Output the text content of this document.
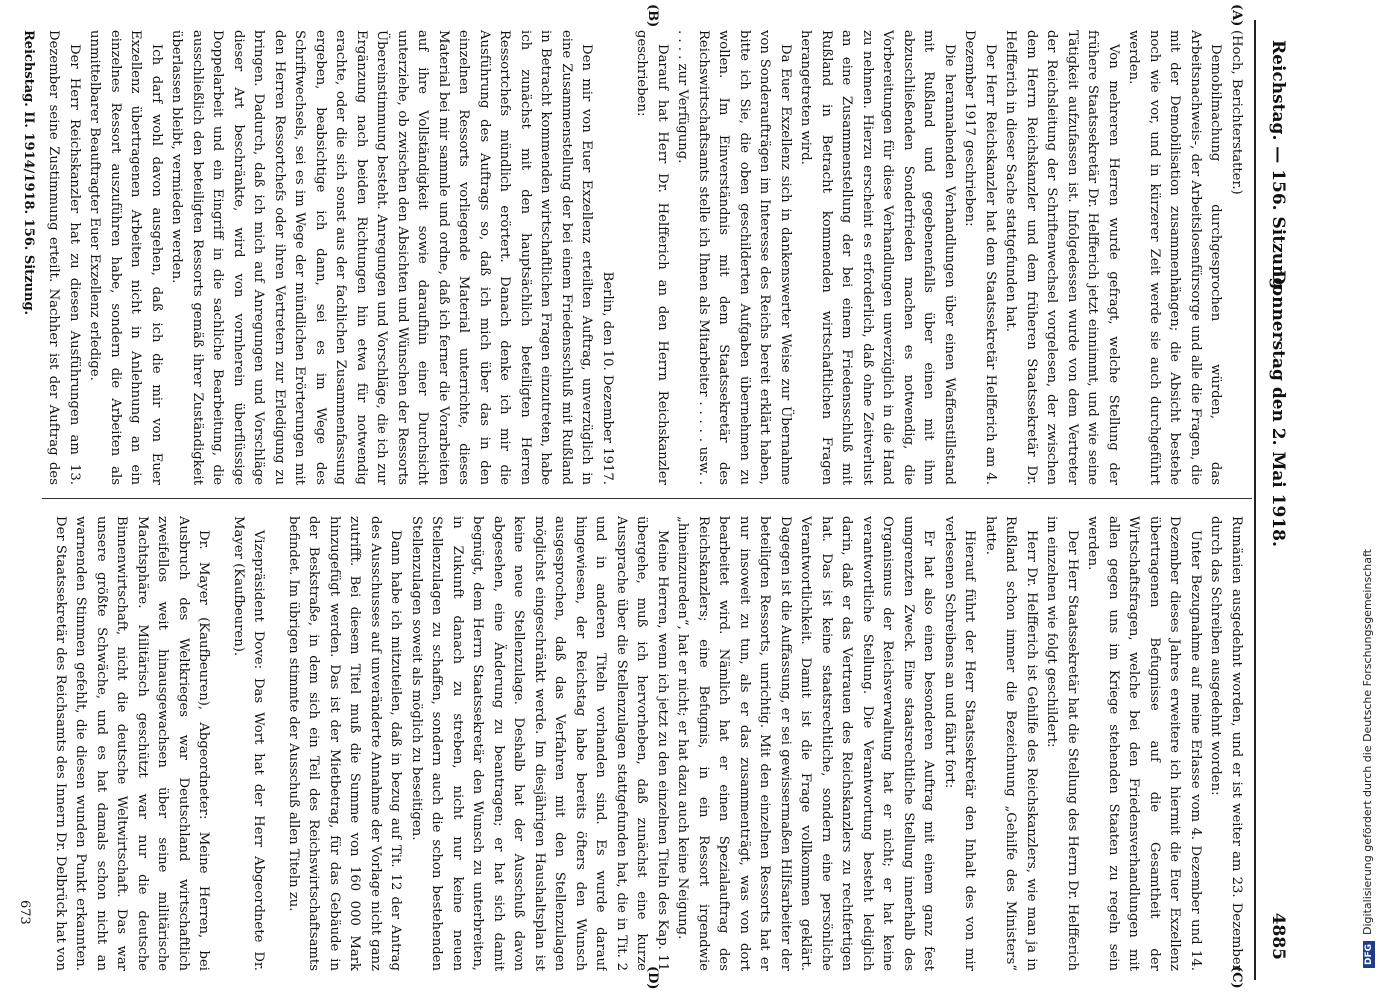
Reichstag. — 156. Sitzung.
Donnerstag den 2. Mai 1918.
4885
(A)
(B)
(C)
(D)

(Hoch, Berichterstatter.)

Demobilmachung durchgesprochen würden, das Arbeitsnachweis-, der Arbeitslosenfürsorge und alle die Fragen, die mit der Demobilisation zusammenhängen; die Absicht bestehe noch wie vor, und in kürzerer Zeit werde sie auch durchgeführt werden.

Von mehreren Herren wurde gefragt, welche Stellung der frühere Staatssekretär Dr. Helfferich jetzt einnimmt, und wie seine Tätigkeit aufzufassen ist. Infolgedessen wurde von dem Vertreter der Reichsleitung der Schriftenwechsel vorgelesen, der zwischen dem Herrn Reichskanzler und dem früheren Staatssekretär Dr. Helfferich in dieser Sache stattgefunden hat.

Der Herr Reichskanzler hat dem Staatssekretär Helfferich am 4. Dezember 1917 geschrieben:

Die herannahenden Verhandlungen über einen Waffenstillstand mit Rußland und gegebenenfalls über einen mit ihm abzuschließenden Sonderfrieden machen es notwendig, die Vorbereitungen für diese Verhandlungen unverzüglich in die Hand zu nehmen. Hierzu erscheint es erforderlich, daß ohne Zeitverlust an eine Zusammenstellung der bei einem Friedensschluß mit Rußland in Betracht kommenden wirtschaftlichen Fragen herangetreten wird.

Da Euer Exzellenz sich in dankenswerter Weise zur Übernahme von Sonderaufträgen im Interesse des Reichs bereit erklärt haben, bitte ich Sie, die oben geschilderten Aufgaben übernehmen zu wollen. Im Einverständnis mit dem Staatssekretär des Reichswirtschaftsamts stelle ich Ihnen als Mitarbeiter . . . . . usw. . . . . . zur Verfügung.

Darauf hat Herr Dr. Helfferich an den Herrn Reichskanzler geschrieben:

Berlin, den 10. Dezember 1917.

Den mir von Euer Exzellenz erteilten Auftrag, unverzüglich in eine Zusammenstellung der bei einem Friedensschluß mit Rußland in Betracht kommenden wirtschaftlichen Fragen einzutreten, habe ich zunächst mit den hauptsächlich beteiligten Herren Ressortchefs mündlich erörtert. Danach denke ich mir die Ausführung des Auftrags so, daß ich mich über das in den einzelnen Ressorts vorliegende Material unterrichte, dieses Material bei mir sammle und ordne, daß ich ferner die Vorarbeiten auf ihre Vollständigkeit sowie daraufhin einer Durchsicht unterziehe, ob zwischen den Absichten und Wünschen der Ressorts Übereinstimmung besteht. Anregungen und Vorschläge, die ich zur Ergänzung nach beiden Richtungen hin etwa für notwendig erachte, oder die sich sonst aus der fachlichen Zusammenfassung ergeben, beabsichtige ich dann, sei es im Wege des Schriftwechsels, sei es im Wege der mündlichen Erörterungen mit den Herren Ressortchefs oder ihren Vertretern zur Erledigung zu bringen. Dadurch, daß ich mich auf Anregungen und Vorschläge dieser Art beschränkte, wird von vornherein überflüssige Doppelarbeit und ein Eingriff in die sachliche Bearbeitung, die ausschließlich den beteiligten Ressorts gemäß ihrer Zuständigkeit überlassen bleibt, vermieden werden.

Ich darf wohl davon ausgehen, daß ich die mir von Euer Exzellenz übertragenen Arbeiten nicht in Anlehnung an ein einzelnes Ressort auszuführen habe, sondern die Arbeiten als unmittelbarer Beauftragter Euer Exzellenz erledige.

Der Herr Reichskanzler hat zu diesen Ausführungen am 13. Dezember seine Zustimmung erteilt. Nachher ist der Auftrag des

Rumänien ausgedehnt worden, und er ist weiter am 23. Dezember durch das Schreiben ausgedehnt worden:

Unter Bezugnahme auf meine Erlasse vom 4. Dezember und 14. Dezember dieses Jahres erweitere ich hiermit die Euer Exzellenz übertragenen Befugnisse auf die Gesamtheit der Wirtschaftsfragen, welche bei den Friedensverhandlungen mit allen gegen uns im Kriege stehenden Staaten zu regeln sein werden.

Der Herr Staatssekretär hat die Stellung des Herrn Dr. Helfferich im einzelnen wie folgt geschildert:

Herr Dr. Helfferich ist Gehilfe des Reichskanzlers, wie man ja in Rußland schon immer die Bezeichnung „Gehilfe des Ministers“ hatte.

Hierauf führt der Herr Staatssekretär den Inhalt des von mir verlesenen Schreibens an und fährt fort:

Er hat also einen besonderen Auftrag mit einem ganz fest umgrenzten Zweck. Eine staatsrechtliche Stellung innerhalb des Organismus der Reichsverwaltung hat er nicht; er hat keine verantwortliche Stellung. Die Verantwortung besteht lediglich darin, daß er das Vertrauen des Reichskanzlers zu rechtfertigen hat. Das ist keine staatsrechtliche, sondern eine persönliche Verantwortlichkeit. Damit ist die Frage vollkommen geklärt. Dagegen ist die Auffassung, er sei gewissermaßen Hilfsarbeiter der beteiligten Ressorts, unrichtig. Mit den einzelnen Ressorts hat er nur insoweit zu tun, als er das zusammenträgt, was von dort bearbeitet wird. Nämlich hat er einen Spezialauftrag des Reichskanzlers; eine Befugnis, in ein Ressort irgendwie „hineinzureden“, hat er nicht; er hat dazu auch keine Neigung.

Meine Herren, wenn ich jetzt zu den einzelnen Titeln des Kap. 11 übergehe, muß ich hervorheben, daß zunächst eine kurze Aussprache über die Stellenzulagen stattgefunden hat, die in Tit. 2 und in anderen Titeln vorhanden sind. Es wurde darauf hingewiesen, der Reichstag habe bereits öfters den Wunsch ausgesprochen, daß das Verfahren mit den Stellenzulagen möglichst eingeschränkt werde. Im diesjährigen Haushaltsplan ist keine neue Stellenzulage. Deshalb hat der Ausschuß davon abgesehen, eine Änderung zu beantragen; er hat sich damit begnügt, dem Herrn Staatssekretär den Wunsch zu unterbreiten, in Zukunft danach zu streben, nicht nur keine neuen Stellenzulagen zu schaffen, sondern auch die schon bestehenden Stellenzulagen soweit als möglich zu beseitigen.

Dann habe ich mitzuteilen, daß in bezug auf Tit. 12 der Antrag des Ausschusses auf unveränderte Annahme der Vorlage nicht ganz zutrifft. Bei diesem Titel muß die Summe von 160 000 Mark hinzugefügt werden. Das ist der Mietbetrag, für das Gebäude in der Beskstraße, in dem sich ein Teil des Reichswirtschaftsamts befindet. Im übrigen stimmte der Ausschuß allen Titeln zu.

Vizepräsident Dove: Das Wort hat der Herr Abgeordnete Dr. Mayer (Kaufbeuren).

Dr. Mayer (Kaufbeuren), Abgeordneter: Meine Herren, bei Ausbruch des Weltkrieges war Deutschland wirtschaftlich zweifellos weit hinausgewachsen über seine militärische Machtsphäre. Militärisch geschützt war nur die deutsche Binnenwirtschaft, nicht die deutsche Weltwirtschaft. Das war unsere größte Schwäche, und es hat damals schon nicht an warnenden Stimmen gefehlt, die diesen wunden Punkt erkannten. Der Staatssekretär des Reichsamts des Innern Dr. Delbrück hat von

Reichstag. II. 1914/1918. 156. Sitzung.
673
DFGDigitalisierung gefördert durch die Deutsche Forschungsgemeinschaft
